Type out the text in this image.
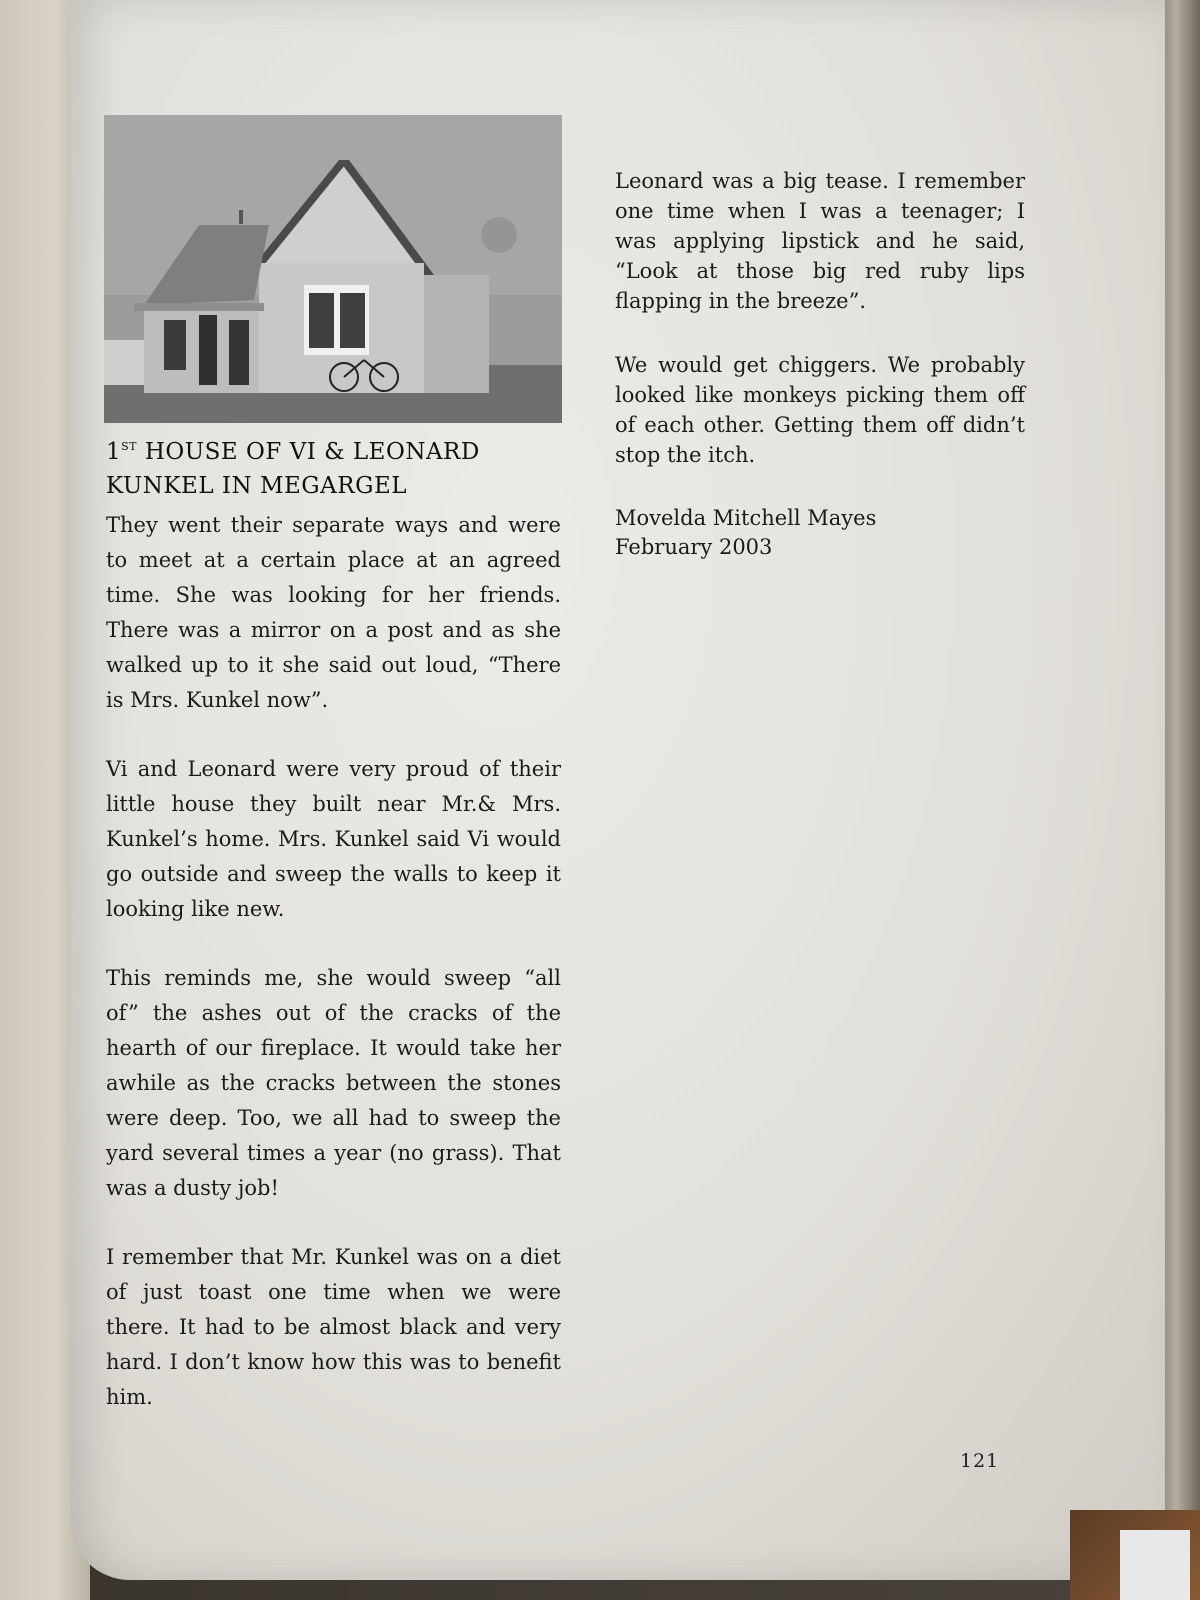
1ST HOUSE OF VI & LEONARD
KUNKEL IN MEGARGEL

They went their separate ways and were to meet at a certain place at an agreed time. She was looking for her friends. There was a mirror on a post and as she walked up to it she said out loud, “There is Mrs. Kunkel now”.

Vi and Leonard were very proud of their little house they built near Mr.& Mrs. Kunkel’s home. Mrs. Kunkel said Vi would go outside and sweep the walls to keep it looking like new.

This reminds me, she would sweep “all of” the ashes out of the cracks of the hearth of our fireplace. It would take her awhile as the cracks between the stones were deep. Too, we all had to sweep the yard several times a year (no grass). That was a dusty job!

I remember that Mr. Kunkel was on a diet of just toast one time when we were there. It had to be almost black and very hard. I don’t know how this was to benefit him.

Leonard was a big tease. I remember one time when I was a teenager; I was applying lipstick and he said, “Look at those big red ruby lips flapping in the breeze”.

We would get chiggers. We probably looked like monkeys picking them off of each other. Getting them off didn’t stop the itch.

Movelda Mitchell Mayes
February 2003
121
